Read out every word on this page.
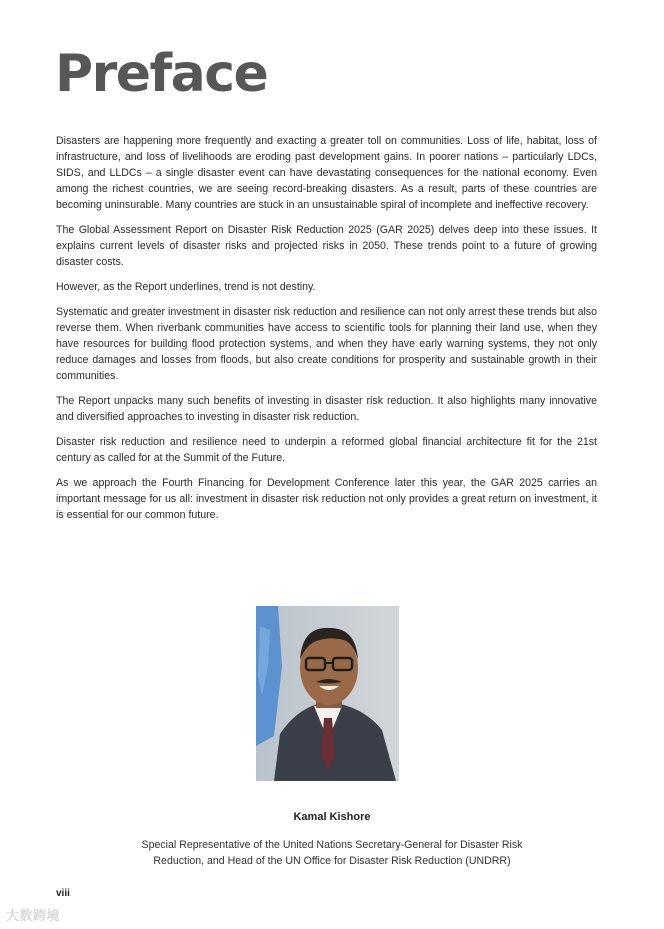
Preface

Disasters are happening more frequently and exacting a greater toll on communities. Loss of life, habitat, loss of infrastructure, and loss of livelihoods are eroding past development gains. In poorer nations – particularly LDCs, SIDS, and LLDCs – a single disaster event can have devastating consequences for the national economy. Even among the richest countries, we are seeing record-breaking disasters. As a result, parts of these countries are becoming uninsurable. Many countries are stuck in an unsustainable spiral of incomplete and ineffective recovery.

The Global Assessment Report on Disaster Risk Reduction 2025 (GAR 2025) delves deep into these issues. It explains current levels of disaster risks and projected risks in 2050. These trends point to a future of growing disaster costs.

However, as the Report underlines, trend is not destiny.

Systematic and greater investment in disaster risk reduction and resilience can not only arrest these trends but also reverse them. When riverbank communities have access to scientific tools for planning their land use, when they have resources for building flood protection systems, and when they have early warning systems, they not only reduce damages and losses from floods, but also create conditions for prosperity and sustainable growth in their communities.

The Report unpacks many such benefits of investing in disaster risk reduction. It also highlights many innovative and diversified approaches to investing in disaster risk reduction.

Disaster risk reduction and resilience need to underpin a reformed global financial architecture fit for the 21st century as called for at the Summit of the Future.

As we approach the Fourth Financing for Development Conference later this year, the GAR 2025 carries an important message for us all: investment in disaster risk reduction not only provides a great return on investment, it is essential for our common future.

Kamal Kishore
Special Representative of the United Nations Secretary-General for Disaster Risk
Reduction, and Head of the UN Office for Disaster Risk Reduction (UNDRR)
viii
大数跨境
